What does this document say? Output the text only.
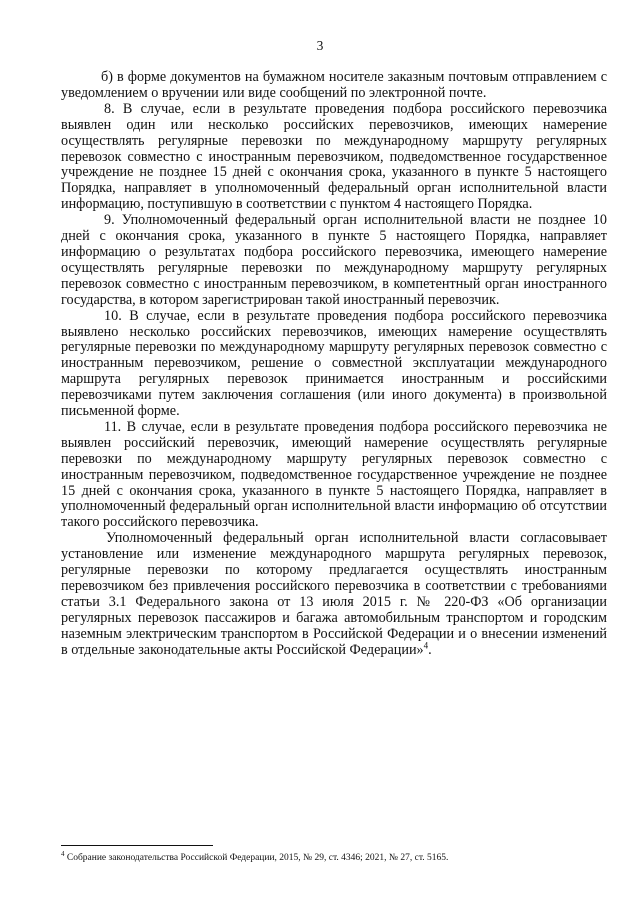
3

б) в форме документов на бумажном носителе заказным почтовым отправлением с уведомлением о вручении или виде сообщений по электронной почте.

8. В случае, если в результате проведения подбора российского перевозчика выявлен один или несколько российских перевозчиков, имеющих намерение осуществлять регулярные перевозки по международному маршруту регулярных перевозок совместно с иностранным перевозчиком, подведомственное государственное учреждение не позднее 15 дней с окончания срока, указанного в пункте 5 настоящего Порядка, направляет в уполномоченный федеральный орган исполнительной власти информацию, поступившую в соответствии с пунктом 4 настоящего Порядка.

9. Уполномоченный федеральный орган исполнительной власти не позднее 10 дней с окончания срока, указанного в пункте 5 настоящего Порядка, направляет информацию о результатах подбора российского перевозчика, имеющего намерение осуществлять регулярные перевозки по международному маршруту регулярных перевозок совместно с иностранным перевозчиком, в компетентный орган иностранного государства, в котором зарегистрирован такой иностранный перевозчик.

10. В случае, если в результате проведения подбора российского перевозчика выявлено несколько российских перевозчиков, имеющих намерение осуществлять регулярные перевозки по международному маршруту регулярных перевозок совместно с иностранным перевозчиком, решение о совместной эксплуатации международного маршрута регулярных перевозок принимается иностранным и российскими перевозчиками путем заключения соглашения (или иного документа) в произвольной письменной форме.

11. В случае, если в результате проведения подбора российского перевозчика не выявлен российский перевозчик, имеющий намерение осуществлять регулярные перевозки по международному маршруту регулярных перевозок совместно с иностранным перевозчиком, подведомственное государственное учреждение не позднее 15 дней с окончания срока, указанного в пункте 5 настоящего Порядка, направляет в уполномоченный федеральный орган исполнительной власти информацию об отсутствии такого российского перевозчика.

Уполномоченный федеральный орган исполнительной власти согласовывает установление или изменение международного маршрута регулярных перевозок, регулярные перевозки по которому предлагается осуществлять иностранным перевозчиком без привлечения российского перевозчика в соответствии с требованиями статьи 3.1 Федерального закона от 13 июля 2015 г. № 220-ФЗ «Об организации регулярных перевозок пассажиров и багажа автомобильным транспортом и городским наземным электрическим транспортом в Российской Федерации и о внесении изменений в отдельные законодательные акты Российской Федерации»$^4$.

$^4$ Собрание законодательства Российской Федерации, 2015, № 29, ст. 4346; 2021, № 27, ст. 5165.
